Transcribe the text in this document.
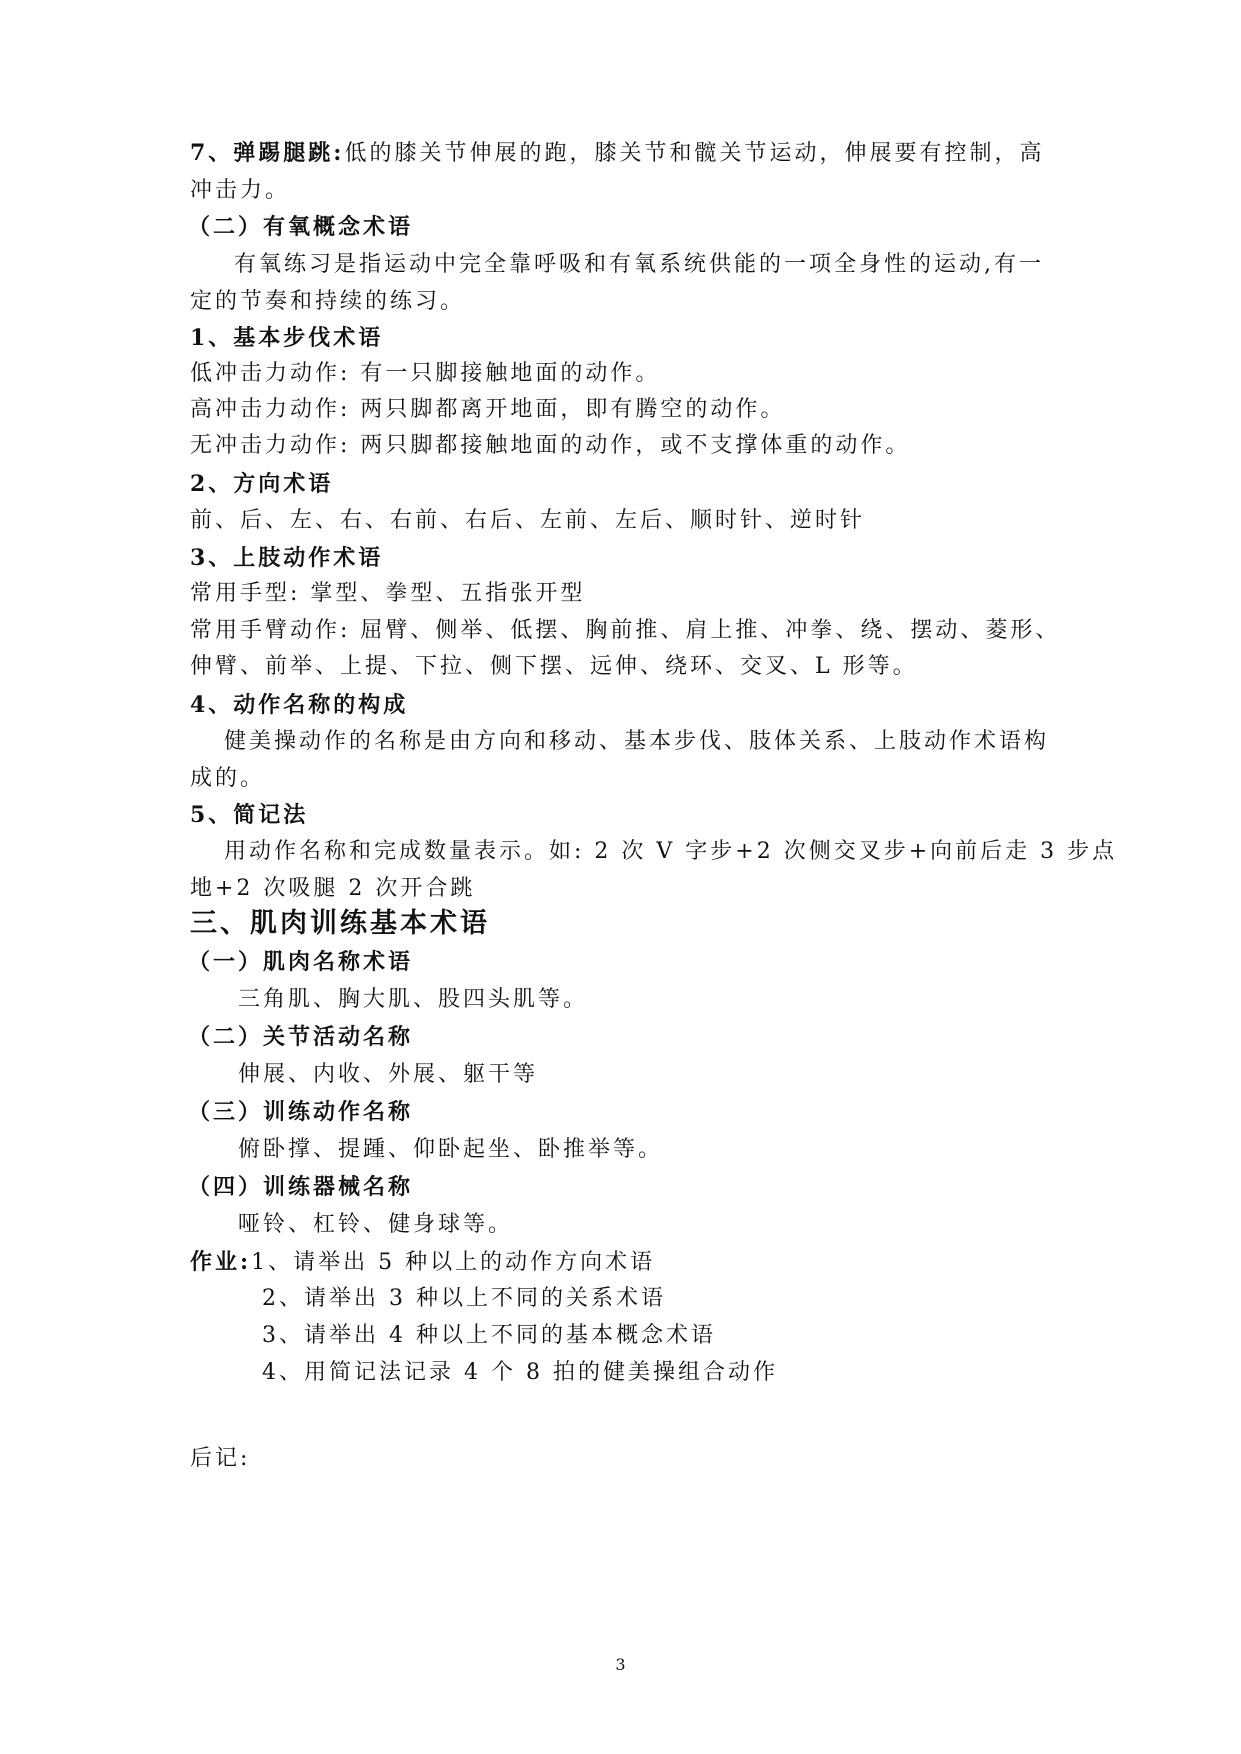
7、弹踢腿跳:低的膝关节伸展的跑，膝关节和髋关节运动，伸展要有控制，高

冲击力。

（二）有氧概念术语

有氧练习是指运动中完全靠呼吸和有氧系统供能的一项全身性的运动,有一

定的节奏和持续的练习。

1、基本步伐术语

低冲击力动作: 有一只脚接触地面的动作。

高冲击力动作: 两只脚都离开地面，即有腾空的动作。

无冲击力动作: 两只脚都接触地面的动作，或不支撑体重的动作。

2、方向术语

前、后、左、右、右前、右后、左前、左后、顺时针、逆时针

3、上肢动作术语

常用手型: 掌型、拳型、五指张开型

常用手臂动作: 屈臂、侧举、低摆、胸前推、肩上推、冲拳、绕、摆动、菱形、

伸臂、前举、上提、下拉、侧下摆、远伸、绕环、交叉、L 形等。

4、动作名称的构成

健美操动作的名称是由方向和移动、基本步伐、肢体关系、上肢动作术语构

成的。

5、简记法

用动作名称和完成数量表示。如: 2 次 V 字步+2 次侧交叉步+向前后走 3 步点

地+2 次吸腿 2 次开合跳

三、肌肉训练基本术语

（一）肌肉名称术语

三角肌、胸大肌、股四头肌等。

（二）关节活动名称

伸展、内收、外展、躯干等

（三）训练动作名称

俯卧撑、提踵、仰卧起坐、卧推举等。

（四）训练器械名称

哑铃、杠铃、健身球等。

作业:1、请举出 5 种以上的动作方向术语

2、请举出 3 种以上不同的关系术语

3、请举出 4 种以上不同的基本概念术语

4、用简记法记录 4 个 8 拍的健美操组合动作

后记:

3
